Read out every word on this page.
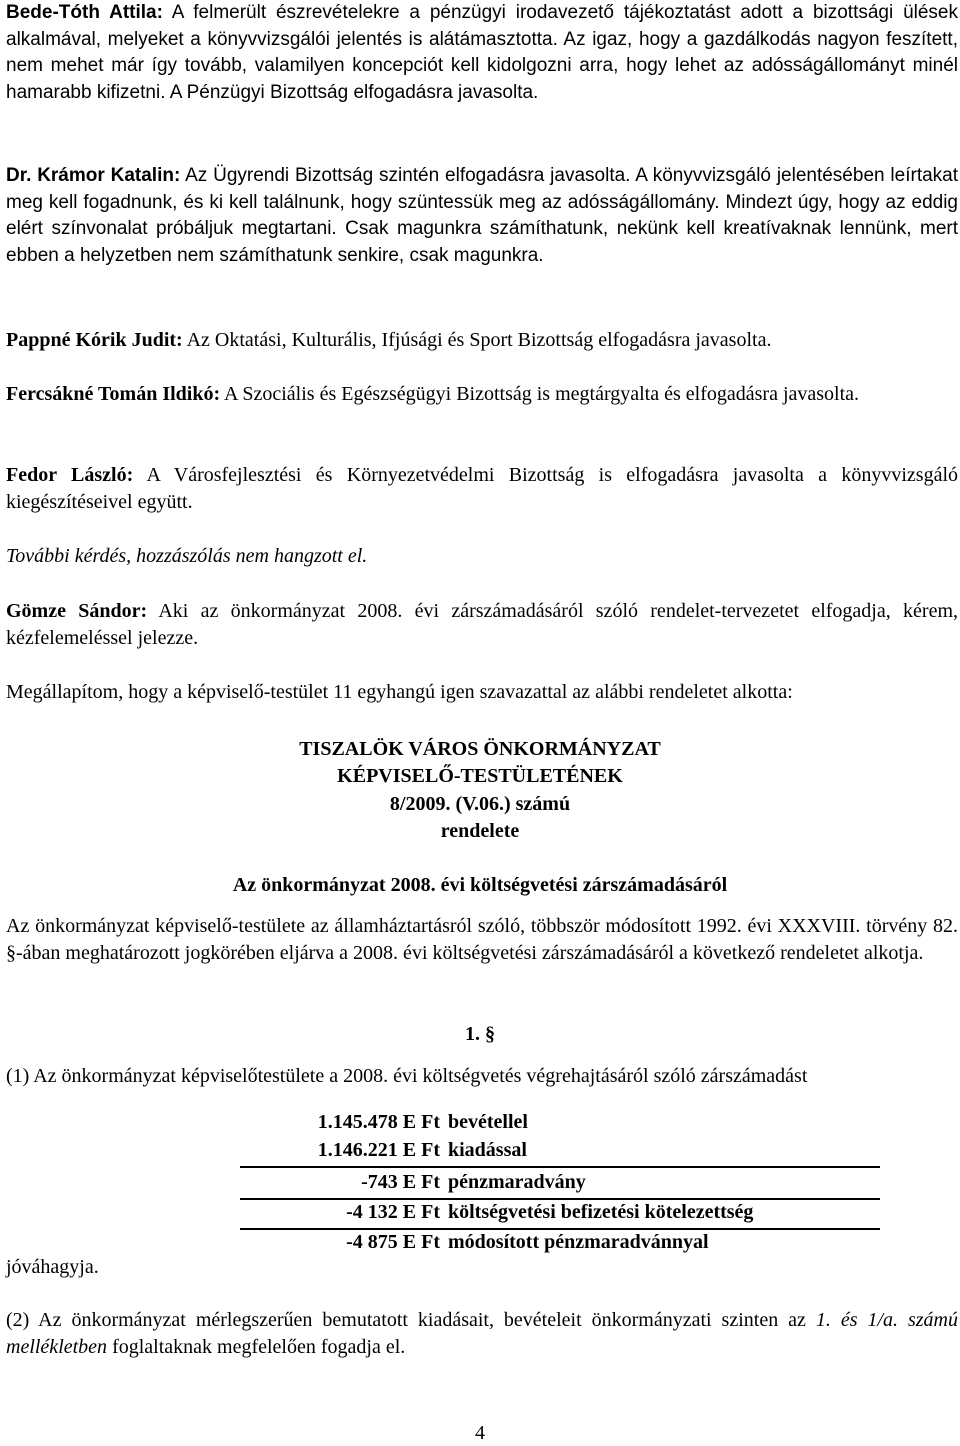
Bede-Tóth Attila: A felmerült észrevételekre a pénzügyi irodavezető tájékoztatást adott a bizottsági ülések alkalmával, melyeket a könyvvizsgálói jelentés is alátámasztotta. Az igaz, hogy a gazdálkodás nagyon feszített, nem mehet már így tovább, valamilyen koncepciót kell kidolgozni arra, hogy lehet az adósságállományt minél hamarabb kifizetni. A Pénzügyi Bizottság elfogadásra javasolta.

Dr. Krámor Katalin: Az Ügyrendi Bizottság szintén elfogadásra javasolta. A könyvvizsgáló jelentésében leírtakat meg kell fogadnunk, és ki kell találnunk, hogy szüntessük meg az adósságállomány. Mindezt úgy, hogy az eddig elért színvonalat próbáljuk megtartani. Csak magunkra számíthatunk, nekünk kell kreatívaknak lennünk, mert ebben a helyzetben nem számíthatunk senkire, csak magunkra.

Pappné Kórik Judit: Az Oktatási, Kulturális, Ifjúsági és Sport Bizottság elfogadásra javasolta.

Fercsákné Tomán Ildikó: A Szociális és Egészségügyi Bizottság is megtárgyalta és elfogadásra javasolta.

Fedor László: A Városfejlesztési és Környezetvédelmi Bizottság is elfogadásra javasolta a könyvvizsgáló kiegészítéseivel együtt.

További kérdés, hozzászólás nem hangzott el.

Gömze Sándor: Aki az önkormányzat 2008. évi zárszámadásáról szóló rendelet-tervezetet elfogadja, kérem, kézfelemeléssel jelezze.

Megállapítom, hogy a képviselő-testület 11 egyhangú igen szavazattal az alábbi rendeletet alkotta:

TISZALÖK VÁROS ÖNKORMÁNYZAT
KÉPVISELŐ-TESTÜLETÉNEK
8/2009. (V.06.) számú
rendelete
Az önkormányzat 2008. évi költségvetési zárszámadásáról

Az önkormányzat képviselő-testülete az államháztartásról szóló, többször módosított 1992. évi XXXVIII. törvény 82. §-ában meghatározott jogkörében eljárva a 2008. évi költségvetési zárszámadásáról a következő rendeletet alkotja.

1. §

(1) Az önkormányzat képviselőtestülete a 2008. évi költségvetés végrehajtásáról szóló zárszámadást

1.145.478 E Ft bevétellel
1.146.221 E Ft kiadással
-743 E Ft pénzmaradvány
-4 132 E Ft költségvetési befizetési kötelezettség
-4 875 E Ft módosított pénzmaradvánnyal

jóváhagyja.

(2) Az önkormányzat mérlegszerűen bemutatott kiadásait, bevételeit önkormányzati szinten az 1. és 1/a. számú mellékletben foglaltaknak megfelelően fogadja el.

4
